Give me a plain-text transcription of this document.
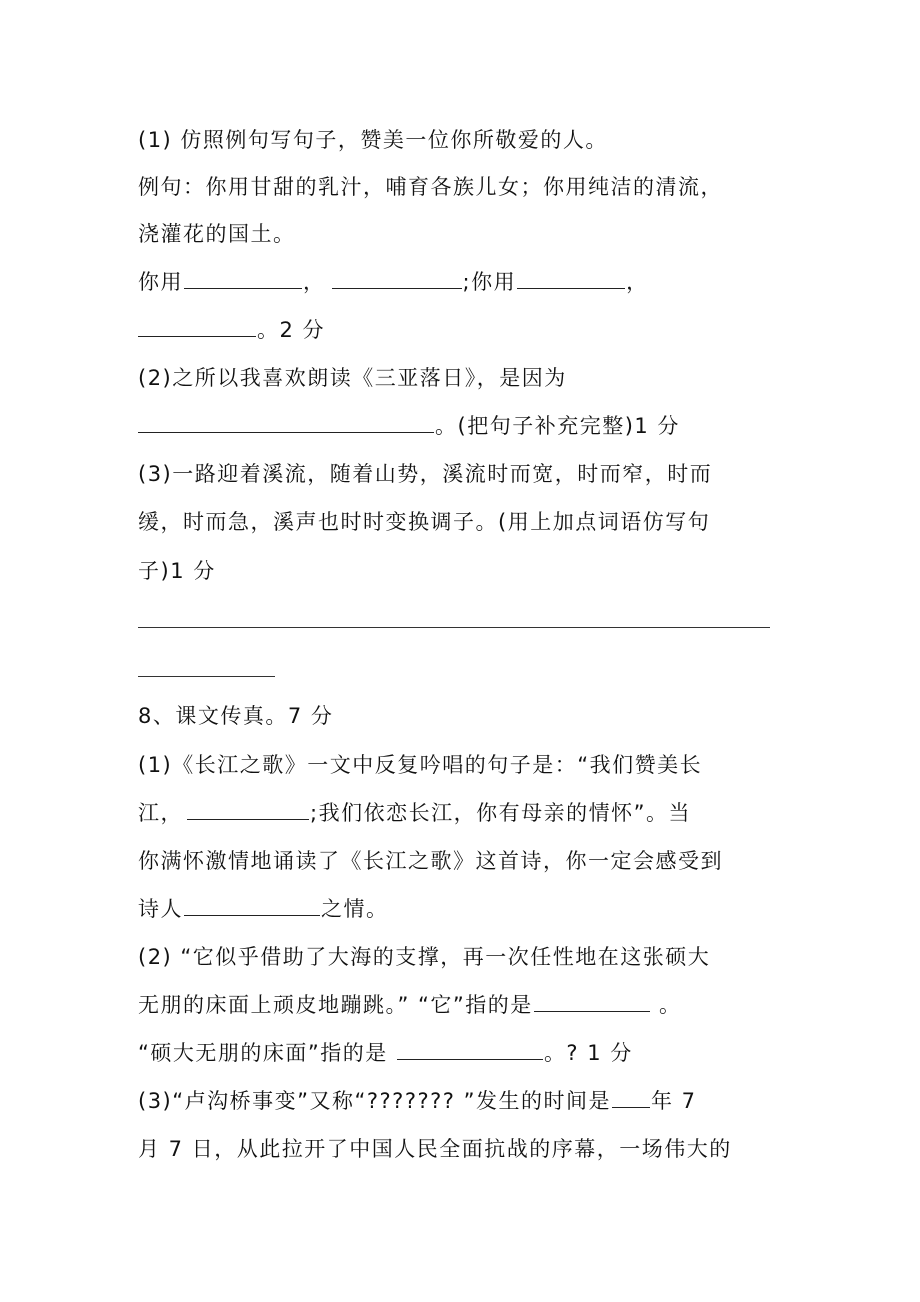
(1) 仿照例句写句子，赞美一位你所敬爱的人。
例句：你用甘甜的乳汁，哺育各族儿女；你用纯洁的清流，
浇灌花的国土。
你用	，	;你用	，
。2 分
(2)之所以我喜欢朗读《三亚落日》，是因为
。(把句子补充完整)1 分
(3)一路迎着溪流，随着山势，溪流时而宽，时而窄，时而
缓，时而急，溪声也时时变换调子。(用上加点词语仿写句
子)1 分
8、课文传真。7 分
(1)《长江之歌》一文中反复吟唱的句子是：“我们赞美长
江，	;我们依恋长江，你有母亲的情怀”。当
你满怀激情地诵读了《长江之歌》这首诗，你一定会感受到
诗人	之情。
(2) “它似乎借助了大海的支撑，再一次任性地在这张硕大
无朋的床面上顽皮地蹦跳。” “它”指的是	。
“硕大无朋的床面”指的是	。? 1 分
(3)“卢沟桥事变”又称“??????? ”发生的时间是 年 7
月 7 日，从此拉开了中国人民全面抗战的序幕，一场伟大的
